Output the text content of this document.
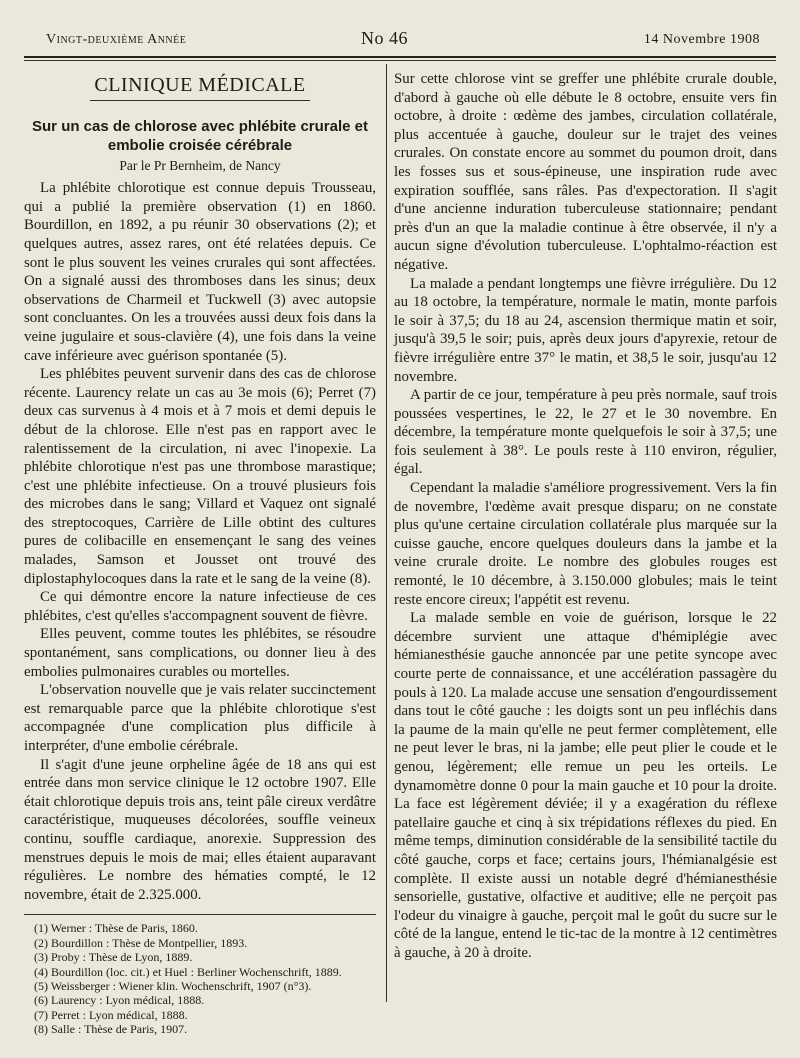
Vingt-deuxième Année	No 46	14 Novembre 1908
CLINIQUE MÉDICALE
Sur un cas de chlorose avec phlébite crurale et embolie croisée cérébrale
Par le Pr Bernheim, de Nancy

La phlébite chlorotique est connue depuis Trousseau, qui a publié la première observation (1) en 1860. Bourdillon, en 1892, a pu réunir 30 observations (2); et quelques autres, assez rares, ont été relatées depuis. Ce sont le plus souvent les veines crurales qui sont affectées. On a signalé aussi des thromboses dans les sinus; deux observations de Charmeil et Tuckwell (3) avec autopsie sont concluantes. On les a trouvées aussi deux fois dans la veine jugulaire et sous-clavière (4), une fois dans la veine cave inférieure avec guérison spontanée (5).

Les phlébites peuvent survenir dans des cas de chlorose récente. Laurency relate un cas au 3e mois (6); Perret (7) deux cas survenus à 4 mois et à 7 mois et demi depuis le début de la chlorose. Elle n'est pas en rapport avec le ralentissement de la circulation, ni avec l'inopexie. La phlébite chlorotique n'est pas une thrombose marastique; c'est une phlébite infectieuse. On a trouvé plusieurs fois des microbes dans le sang; Villard et Vaquez ont signalé des streptocoques, Carrière de Lille obtint des cultures pures de colibacille en ensemençant le sang des veines malades, Samson et Jousset ont trouvé des diplostaphylocoques dans la rate et le sang de la veine (8).

Ce qui démontre encore la nature infectieuse de ces phlébites, c'est qu'elles s'accompagnent souvent de fièvre.

Elles peuvent, comme toutes les phlébites, se résoudre spontanément, sans complications, ou donner lieu à des embolies pulmonaires curables ou mortelles.

L'observation nouvelle que je vais relater succinctement est remarquable parce que la phlébite chlorotique s'est accompagnée d'une complication plus difficile à interpréter, d'une embolie cérébrale.

Il s'agit d'une jeune orpheline âgée de 18 ans qui est entrée dans mon service clinique le 12 octobre 1907. Elle était chlorotique depuis trois ans, teint pâle cireux verdâtre caractéristique, muqueuses décolorées, souffle veineux continu, souffle cardiaque, anorexie. Suppression des menstrues depuis le mois de mai; elles étaient auparavant régulières. Le nombre des hématies compté, le 12 novembre, était de 2.325.000.

(1) Werner : Thèse de Paris, 1860.
(2) Bourdillon : Thèse de Montpellier, 1893.
(3) Proby : Thèse de Lyon, 1889.
(4) Bourdillon (loc. cit.) et Huel : Berliner Wochenschrift, 1889.
(5) Weissberger : Wiener klin. Wochenschrift, 1907 (n°3).
(6) Laurency : Lyon médical, 1888.
(7) Perret : Lyon médical, 1888.
(8) Salle : Thèse de Paris, 1907.

Sur cette chlorose vint se greffer une phlébite crurale double, d'abord à gauche où elle débute le 8 octobre, ensuite vers fin octobre, à droite : œdème des jambes, circulation collatérale, plus accentuée à gauche, douleur sur le trajet des veines crurales. On constate encore au sommet du poumon droit, dans les fosses sus et sous-épineuse, une inspiration rude avec expiration soufflée, sans râles. Pas d'expectoration. Il s'agit d'une ancienne induration tuberculeuse stationnaire; pendant près d'un an que la maladie continue à être observée, il n'y a aucun signe d'évolution tuberculeuse. L'ophtalmo-réaction est négative.

La malade a pendant longtemps une fièvre irrégulière. Du 12 au 18 octobre, la température, normale le matin, monte parfois le soir à 37,5; du 18 au 24, ascension thermique matin et soir, jusqu'à 39,5 le soir; puis, après deux jours d'apyrexie, retour de fièvre irrégulière entre 37° le matin, et 38,5 le soir, jusqu'au 12 novembre.

A partir de ce jour, température à peu près normale, sauf trois poussées vespertines, le 22, le 27 et le 30 novembre. En décembre, la température monte quelquefois le soir à 37,5; une fois seulement à 38°. Le pouls reste à 110 environ, régulier, égal.

Cependant la maladie s'améliore progressivement. Vers la fin de novembre, l'œdème avait presque disparu; on ne constate plus qu'une certaine circulation collatérale plus marquée sur la cuisse gauche, encore quelques douleurs dans la jambe et la veine crurale droite. Le nombre des globules rouges est remonté, le 10 décembre, à 3.150.000 globules; mais le teint reste encore cireux; l'appétit est revenu.

La malade semble en voie de guérison, lorsque le 22 décembre survient une attaque d'hémiplégie avec hémianesthésie gauche annoncée par une petite syncope avec courte perte de connaissance, et une accélération passagère du pouls à 120. La malade accuse une sensation d'engourdissement dans tout le côté gauche : les doigts sont un peu infléchis dans la paume de la main qu'elle ne peut fermer complètement, elle ne peut lever le bras, ni la jambe; elle peut plier le coude et le genou, légèrement; elle remue un peu les orteils. Le dynamomètre donne 0 pour la main gauche et 10 pour la droite. La face est légèrement déviée; il y a exagération du réflexe patellaire gauche et cinq à six trépidations réflexes du pied. En même temps, diminution considérable de la sensibilité tactile du côté gauche, corps et face; certains jours, l'hémianalgésie est complète. Il existe aussi un notable degré d'hémianesthésie sensorielle, gustative, olfactive et auditive; elle ne perçoit pas l'odeur du vinaigre à gauche, perçoit mal le goût du sucre sur le côté de la langue, entend le tic-tac de la montre à 12 centimètres à gauche, à 20 à droite.
